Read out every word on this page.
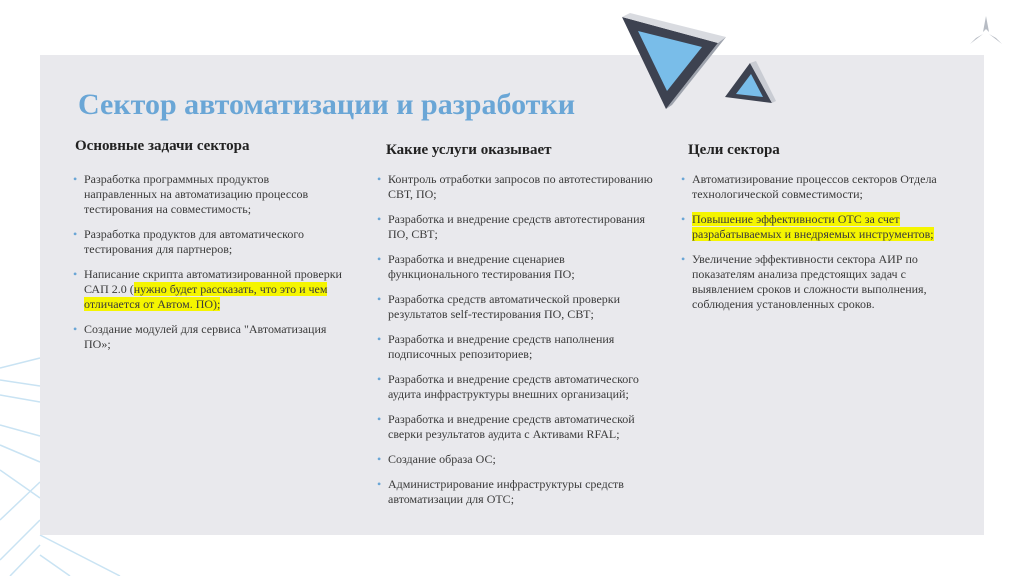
Сектор автоматизации и разработки
Основные задачи сектора
• Разработка программных продуктов направленных на автоматизацию процессов тестирования на совместимость;
• Разработка продуктов для автоматического тестирования для партнеров;
• Написание скрипта автоматизированной проверки САП 2.0 (нужно будет рассказать, что это и чем отличается от Автом. ПО);
• Создание модулей для сервиса "Автоматизация ПО»;
Какие услуги оказывает
• Контроль отработки запросов по автотестированию СВТ, ПО;
• Разработка и внедрение средств автотестирования ПО, СВТ;
• Разработка и внедрение сценариев функционального тестирования ПО;
• Разработка средств автоматической проверки результатов self-тестирования ПО, СВТ;
• Разработка и внедрение средств наполнения подписочных репозиториев;
• Разработка и внедрение средств автоматического аудита инфраструктуры внешних организаций;
• Разработка и внедрение средств автоматической сверки результатов аудита с Активами RFAL;
• Создание образа ОС;
• Администрирование инфраструктуры средств автоматизации для ОТС;
Цели сектора
• Автоматизирование процессов секторов Отдела технологической совместимости;
• Повышение эффективности ОТС за счет разрабатываемых и внедряемых инструментов;
• Увеличение эффективности сектора АИР по показателям анализа предстоящих задач с выявлением сроков и сложности выполнения, соблюдения установленных сроков.
